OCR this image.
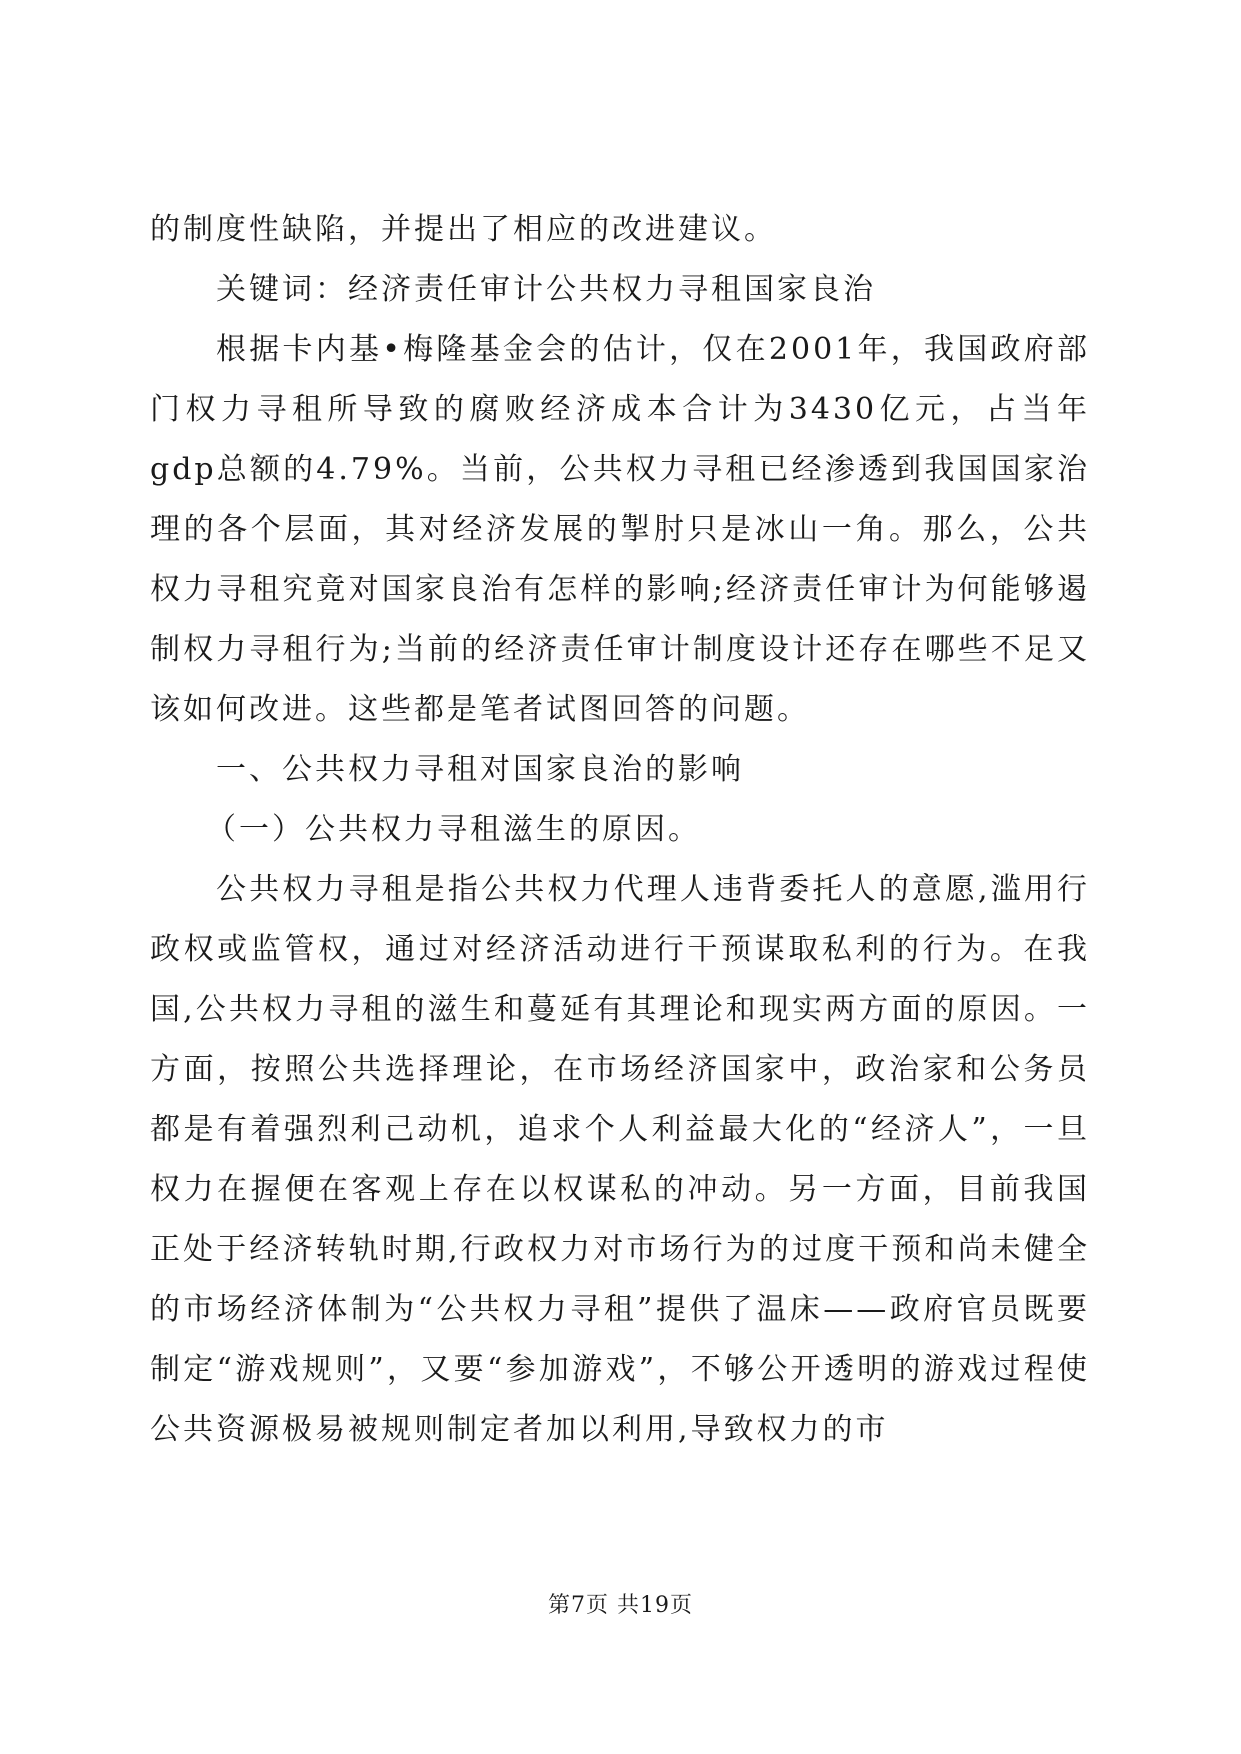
的制度性缺陷，并提出了相应的改进建议。

关键词：经济责任审计公共权力寻租国家良治

根据卡内基•梅隆基金会的估计，仅在2001年，我国政府部门权力寻租所导致的腐败经济成本合计为3430亿元，占当年gdp总额的4.79%。当前，公共权力寻租已经渗透到我国国家治理的各个层面，其对经济发展的掣肘只是冰山一角。那么，公共权力寻租究竟对国家良治有怎样的影响;经济责任审计为何能够遏制权力寻租行为;当前的经济责任审计制度设计还存在哪些不足又该如何改进。这些都是笔者试图回答的问题。

一、公共权力寻租对国家良治的影响

（一）公共权力寻租滋生的原因。

公共权力寻租是指公共权力代理人违背委托人的意愿,滥用行政权或监管权，通过对经济活动进行干预谋取私利的行为。在我国,公共权力寻租的滋生和蔓延有其理论和现实两方面的原因。一方面，按照公共选择理论，在市场经济国家中，政治家和公务员都是有着强烈利己动机，追求个人利益最大化的“经济人”，一旦权力在握便在客观上存在以权谋私的冲动。另一方面，目前我国正处于经济转轨时期,行政权力对市场行为的过度干预和尚未健全的市场经济体制为“公共权力寻租”提供了温床——政府官员既要制定“游戏规则”，又要“参加游戏”，不够公开透明的游戏过程使公共资源极易被规则制定者加以利用,导致权力的市

第7页 共19页
